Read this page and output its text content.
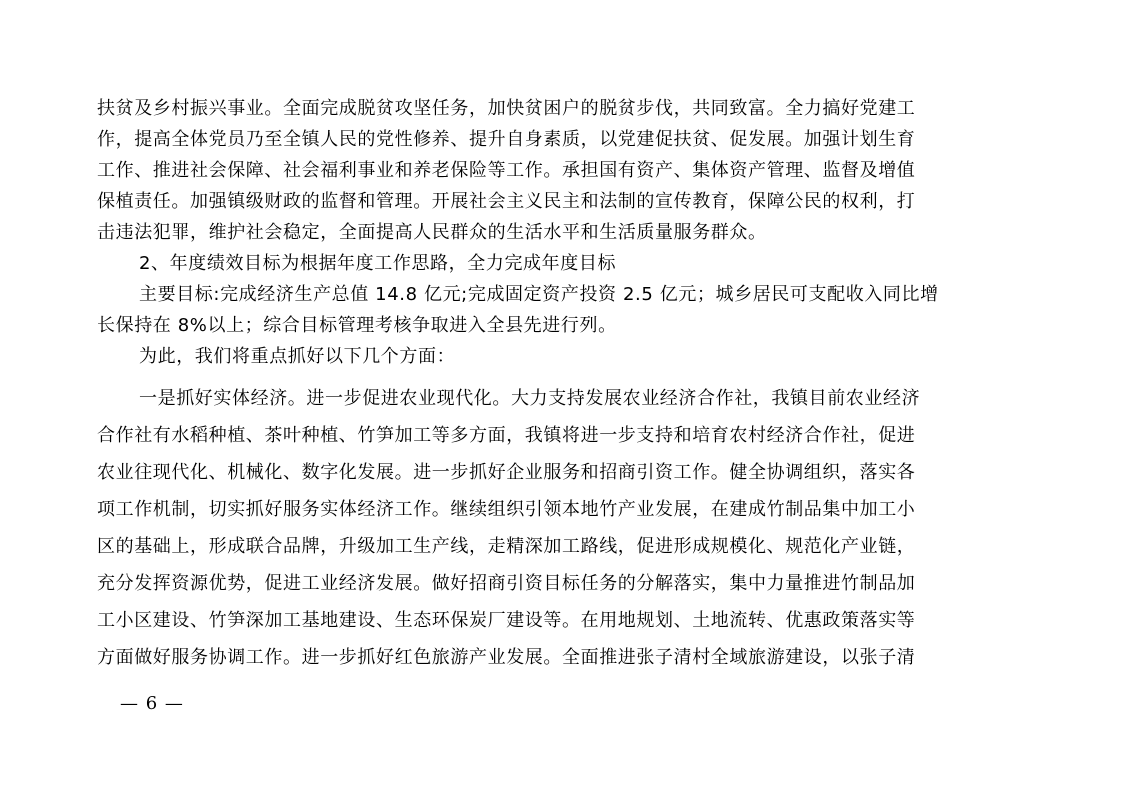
扶贫及乡村振兴事业。全面完成脱贫攻坚任务，加快贫困户的脱贫步伐，共同致富。全力搞好党建工
作，提高全体党员乃至全镇人民的党性修养、提升自身素质，以党建促扶贫、促发展。加强计划生育
工作、推进社会保障、社会福利事业和养老保险等工作。承担国有资产、集体资产管理、监督及增值
保植责任。加强镇级财政的监督和管理。开展社会主义民主和法制的宣传教育，保障公民的权利，打
击违法犯罪，维护社会稳定，全面提高人民群众的生活水平和生活质量服务群众。
2、年度绩效目标为根据年度工作思路，全力完成年度目标
主要目标:完成经济生产总值 14.8 亿元;完成固定资产投资 2.5 亿元；城乡居民可支配收入同比增
长保持在 8%以上；综合目标管理考核争取进入全县先进行列。
为此，我们将重点抓好以下几个方面：
一是抓好实体经济。进一步促进农业现代化。大力支持发展农业经济合作社，我镇目前农业经济
合作社有水稻种植、茶叶种植、竹笋加工等多方面，我镇将进一步支持和培育农村经济合作社，促进
农业往现代化、机械化、数字化发展。进一步抓好企业服务和招商引资工作。健全协调组织，落实各
项工作机制，切实抓好服务实体经济工作。继续组织引领本地竹产业发展，在建成竹制品集中加工小
区的基础上，形成联合品牌，升级加工生产线，走精深加工路线，促进形成规模化、规范化产业链，
充分发挥资源优势，促进工业经济发展。做好招商引资目标任务的分解落实，集中力量推进竹制品加
工小区建设、竹笋深加工基地建设、生态环保炭厂建设等。在用地规划、土地流转、优惠政策落实等
方面做好服务协调工作。进一步抓好红色旅游产业发展。全面推进张子清村全域旅游建设，以张子清
— 6 —
